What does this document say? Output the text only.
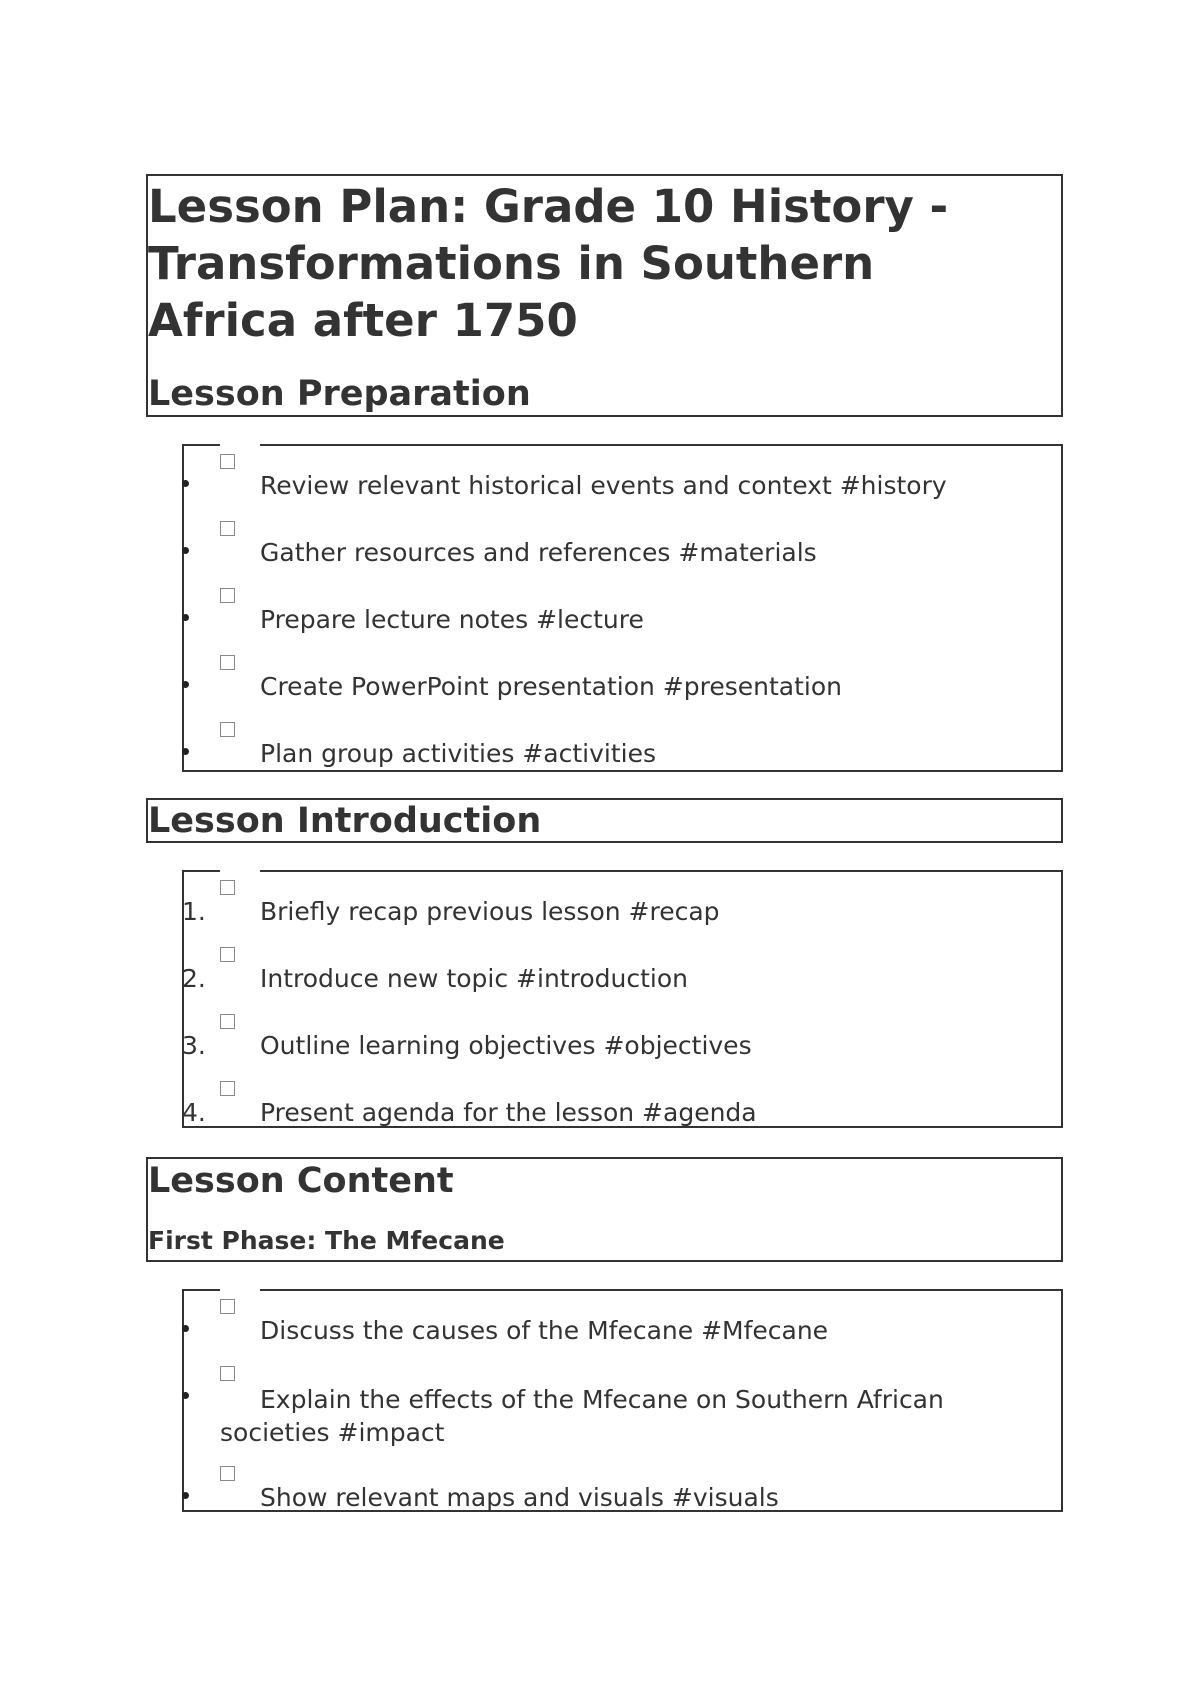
Lesson Plan: Grade 10 History -
Transformations in Southern
Africa after 1750
Lesson Preparation
Review relevant historical events and context #history
Gather resources and references #materials
Prepare lecture notes #lecture
Create PowerPoint presentation #presentation
Plan group activities #activities
Lesson Introduction
1. Briefly recap previous lesson #recap
2. Introduce new topic #introduction
3. Outline learning objectives #objectives
4. Present agenda for the lesson #agenda
Lesson Content
First Phase: The Mfecane
Discuss the causes of the Mfecane #Mfecane
Explain the effects of the Mfecane on Southern African societies #impact
Show relevant maps and visuals #visuals
